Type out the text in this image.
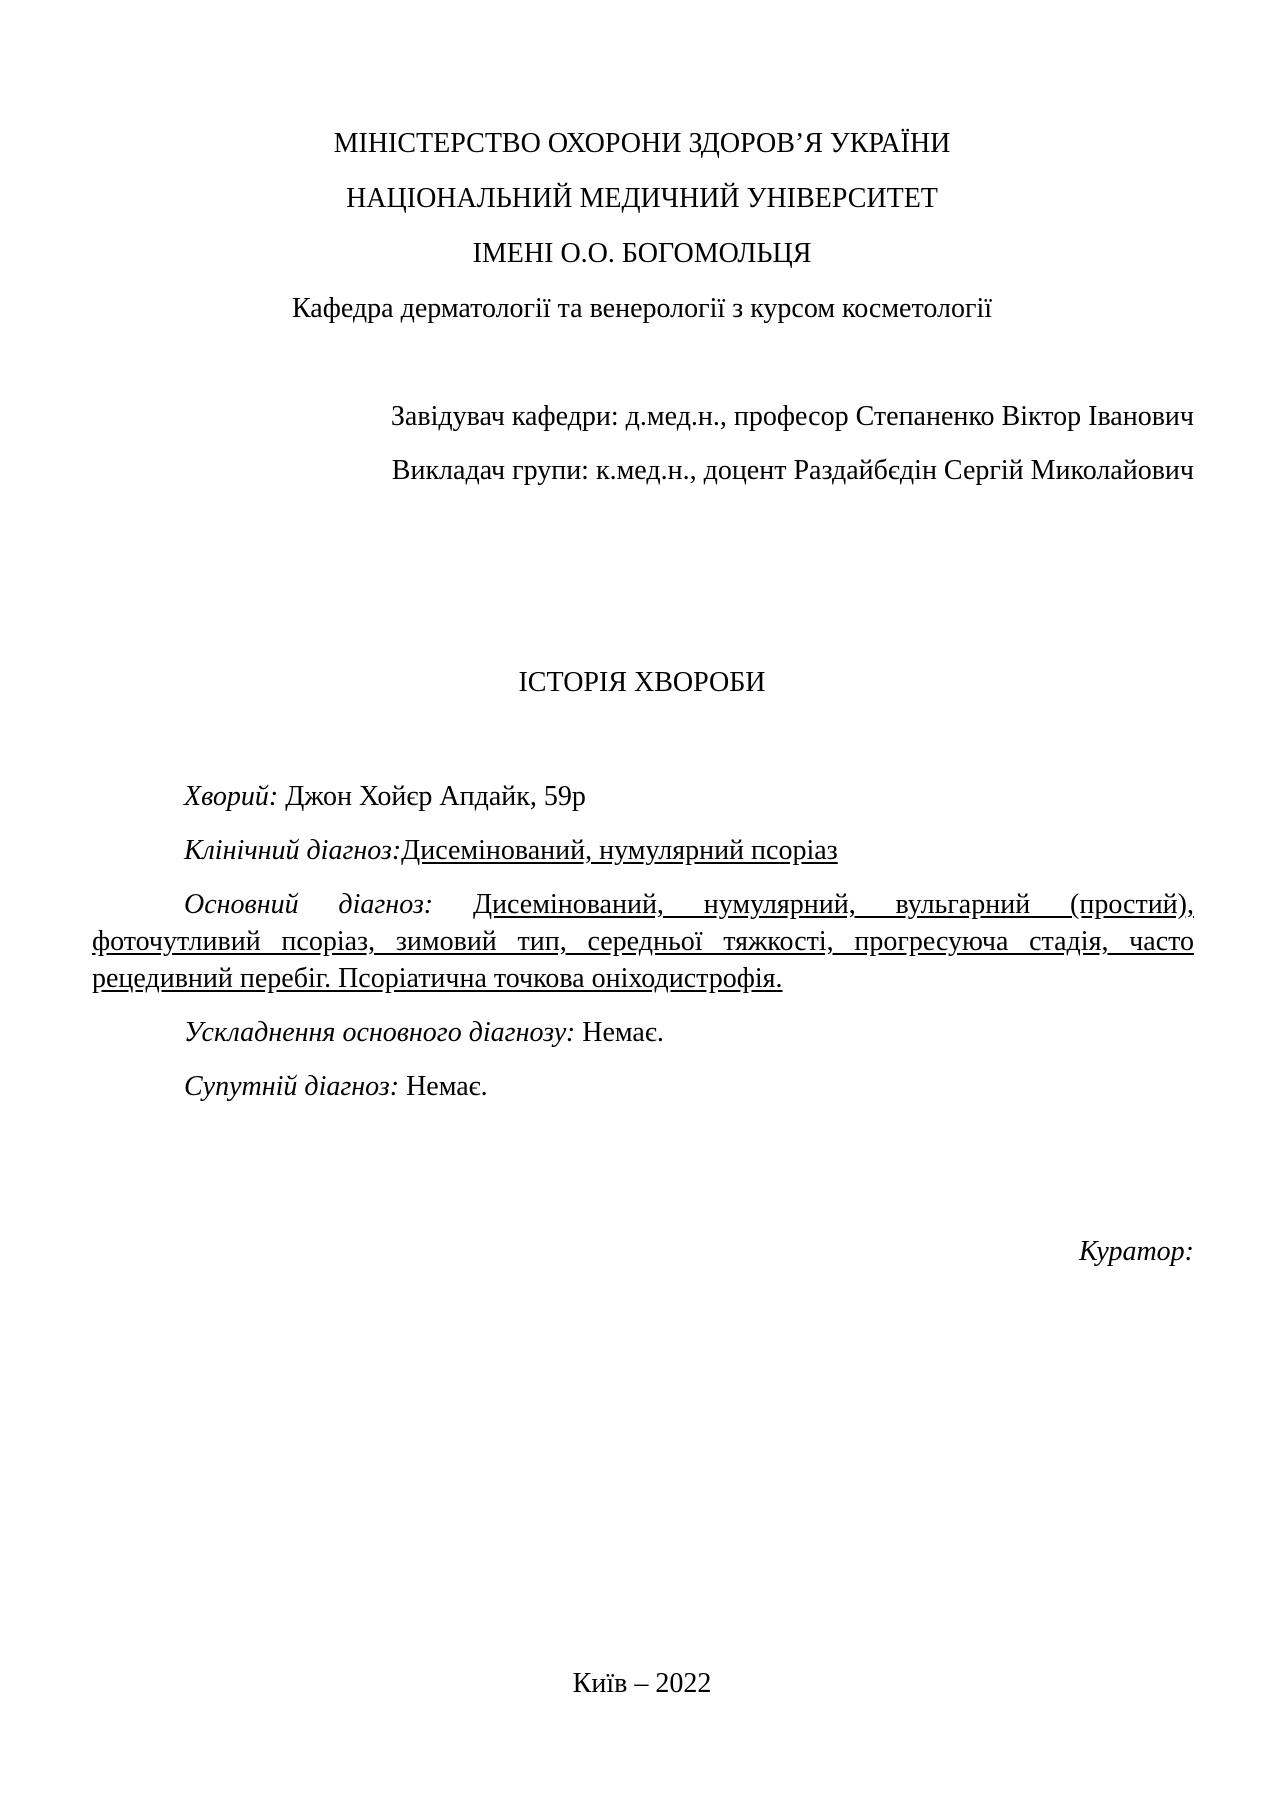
МІНІСТЕРСТВО ОХОРОНИ ЗДОРОВ’Я УКРАЇНИ
НАЦІОНАЛЬНИЙ МЕДИЧНИЙ УНІВЕРСИТЕТ
ІМЕНІ О.О. БОГОМОЛЬЦЯ
Кафедра дерматології та венерології з курсом косметології
Завідувач кафедри: д.мед.н., професор Степаненко Віктор Іванович
Викладач групи: к.мед.н., доцент Раздайбєдін Сергій Миколайович
ІСТОРІЯ ХВОРОБИ

Хворий: Джон Хойєр Апдайк, 59р

Клінічний діагноз:Дисемінований, нумулярний псоріаз

Основний діагноз: Дисемінований, нумулярний, вульгарний (простий), фоточутливий псоріаз, зимовий тип, середньої тяжкості, прогресуюча стадія, часто рецедивний перебіг. Псоріатична точкова оніходистрофія.

Ускладнення основного діагнозу: Немає.

Супутній діагноз: Немає.

Куратор:
Київ – 2022
